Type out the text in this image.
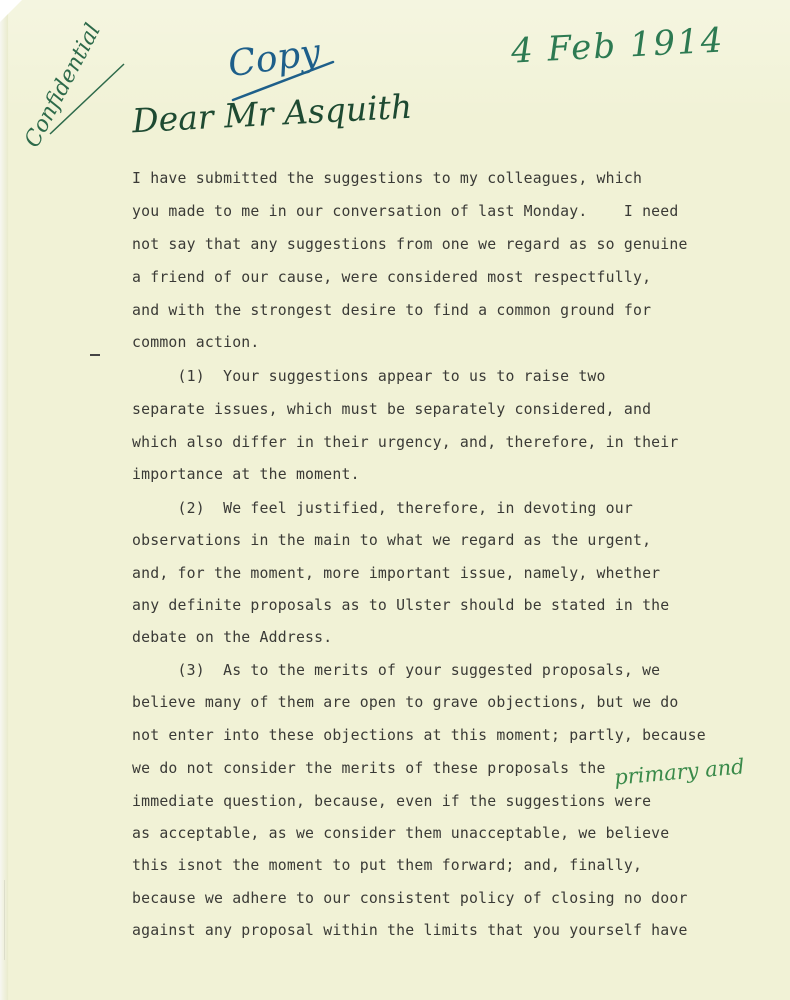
4 Feb 1914
Copy
Dear Mr Asquith
Confidential
primary and
I have submitted the suggestions to my colleagues, which
you made to me in our conversation of last Monday.    I need
not say that any suggestions from one we regard as so genuine
a friend of our cause, were considered most respectfully,
and with the strongest desire to find a common ground for
common action.
(1)  Your suggestions appear to us to raise two
separate issues, which must be separately considered, and
which also differ in their urgency, and, therefore, in their
importance at the moment.
(2)  We feel justified, therefore, in devoting our
observations in the main to what we regard as the urgent,
and, for the moment, more important issue, namely, whether
any definite proposals as to Ulster should be stated in the
debate on the Address.
(3)  As to the merits of your suggested proposals, we
believe many of them are open to grave objections, but we do
not enter into these objections at this moment; partly, because
we do not consider the merits of these proposals the
immediate question, because, even if the suggestions were
as acceptable, as we consider them unacceptable, we believe
this isnot the moment to put them forward; and, finally,
because we adhere to our consistent policy of closing no door
against any proposal within the limits that you yourself have
